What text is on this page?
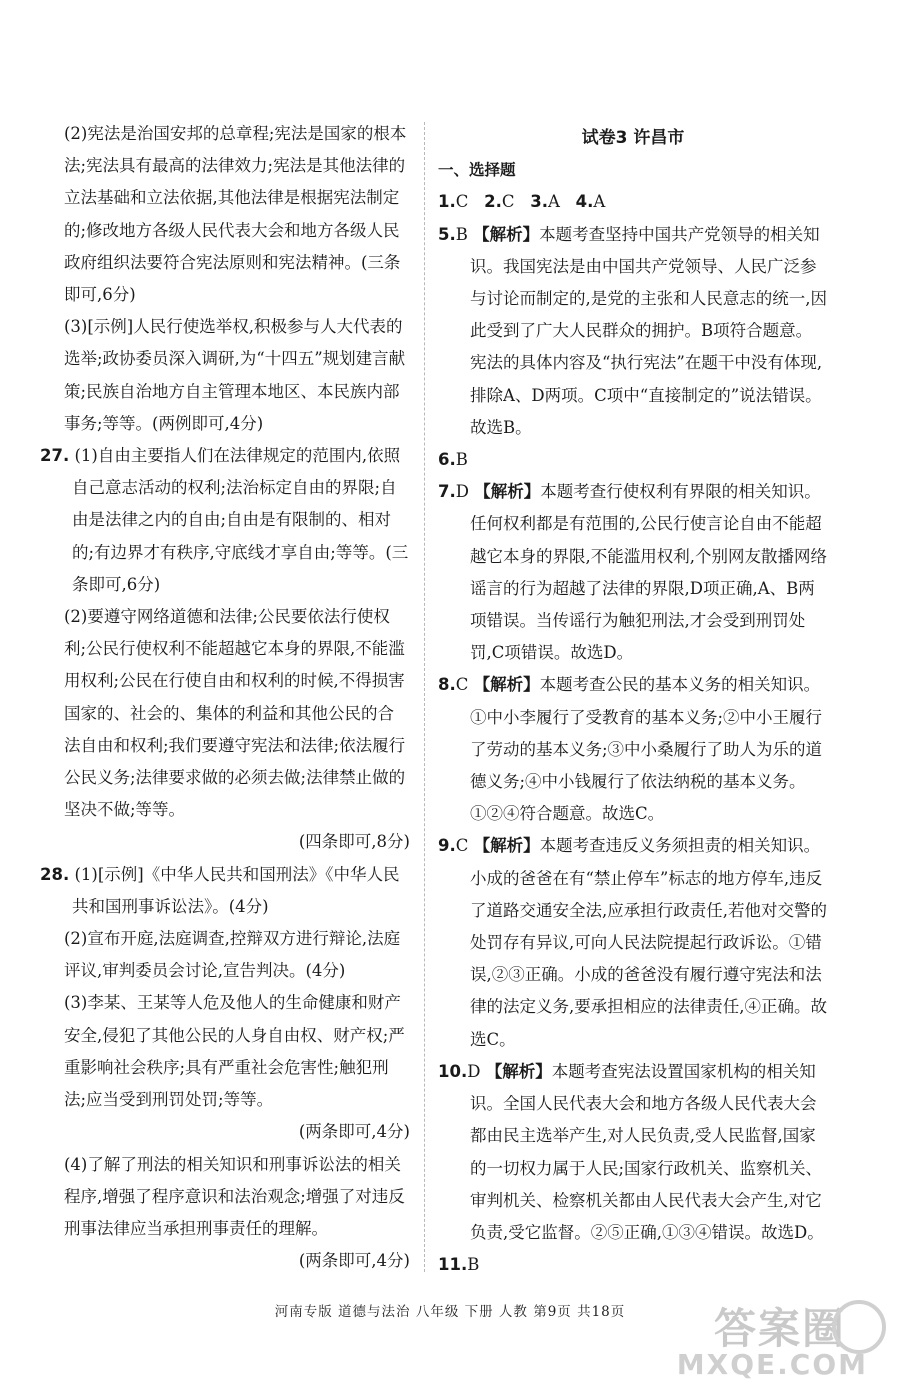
(2)宪法是治国安邦的总章程;宪法是国家的根本法;宪法具有最高的法律效力;宪法是其他法律的立法基础和立法依据,其他法律是根据宪法制定的;修改地方各级人民代表大会和地方各级人民政府组织法要符合宪法原则和宪法精神。(三条即可,6分)

(3)[示例]人民行使选举权,积极参与人大代表的选举;政协委员深入调研,为“十四五”规划建言献策;民族自治地方自主管理本地区、本民族内部事务;等等。(两例即可,4分)

27. (1)自由主要指人们在法律规定的范围内,依照自己意志活动的权利;法治标定自由的界限;自由是法律之内的自由;自由是有限制的、相对的;有边界才有秩序,守底线才享自由;等等。(三条即可,6分)

(2)要遵守网络道德和法律;公民要依法行使权利;公民行使权利不能超越它本身的界限,不能滥用权利;公民在行使自由和权利的时候,不得损害国家的、社会的、集体的利益和其他公民的合法自由和权利;我们要遵守宪法和法律;依法履行公民义务;法律要求做的必须去做;法律禁止做的坚决不做;等等。

(四条即可,8分)

28. (1)[示例]《中华人民共和国刑法》《中华人民共和国刑事诉讼法》。(4分)

(2)宣布开庭,法庭调查,控辩双方进行辩论,法庭评议,审判委员会讨论,宣告判决。(4分)

(3)李某、王某等人危及他人的生命健康和财产安全,侵犯了其他公民的人身自由权、财产权;严重影响社会秩序;具有严重社会危害性;触犯刑法;应当受到刑罚处罚;等等。

(两条即可,4分)

(4)了解了刑法的相关知识和刑事诉讼法的相关程序,增强了程序意识和法治观念;增强了对违反刑事法律应当承担刑事责任的理解。

(两条即可,4分)

试卷3 许昌市

一、选择题

1.C 2.C 3.A 4.A

5.B 【解析】本题考查坚持中国共产党领导的相关知识。我国宪法是由中国共产党领导、人民广泛参与讨论而制定的,是党的主张和人民意志的统一,因此受到了广大人民群众的拥护。B项符合题意。宪法的具体内容及“执行宪法”在题干中没有体现,排除A、D两项。C项中“直接制定的”说法错误。故选B。

6.B

7.D 【解析】本题考查行使权利有界限的相关知识。任何权利都是有范围的,公民行使言论自由不能超越它本身的界限,不能滥用权利,个别网友散播网络谣言的行为超越了法律的界限,D项正确,A、B两项错误。当传谣行为触犯刑法,才会受到刑罚处罚,C项错误。故选D。

8.C 【解析】本题考查公民的基本义务的相关知识。①中小李履行了受教育的基本义务;②中小王履行了劳动的基本义务;③中小桑履行了助人为乐的道德义务;④中小钱履行了依法纳税的基本义务。①②④符合题意。故选C。

9.C 【解析】本题考查违反义务须担责的相关知识。小成的爸爸在有“禁止停车”标志的地方停车,违反了道路交通安全法,应承担行政责任,若他对交警的处罚存有异议,可向人民法院提起行政诉讼。①错误,②③正确。小成的爸爸没有履行遵守宪法和法律的法定义务,要承担相应的法律责任,④正确。故选C。

10.D 【解析】本题考查宪法设置国家机构的相关知识。全国人民代表大会和地方各级人民代表大会都由民主选举产生,对人民负责,受人民监督,国家的一切权力属于人民;国家行政机关、监察机关、审判机关、检察机关都由人民代表大会产生,对它负责,受它监督。②⑤正确,①③④错误。故选D。

11.B

河南专版 道德与法治 八年级 下册 人教 第9页 共18页	答案圈
MXQE.COM
